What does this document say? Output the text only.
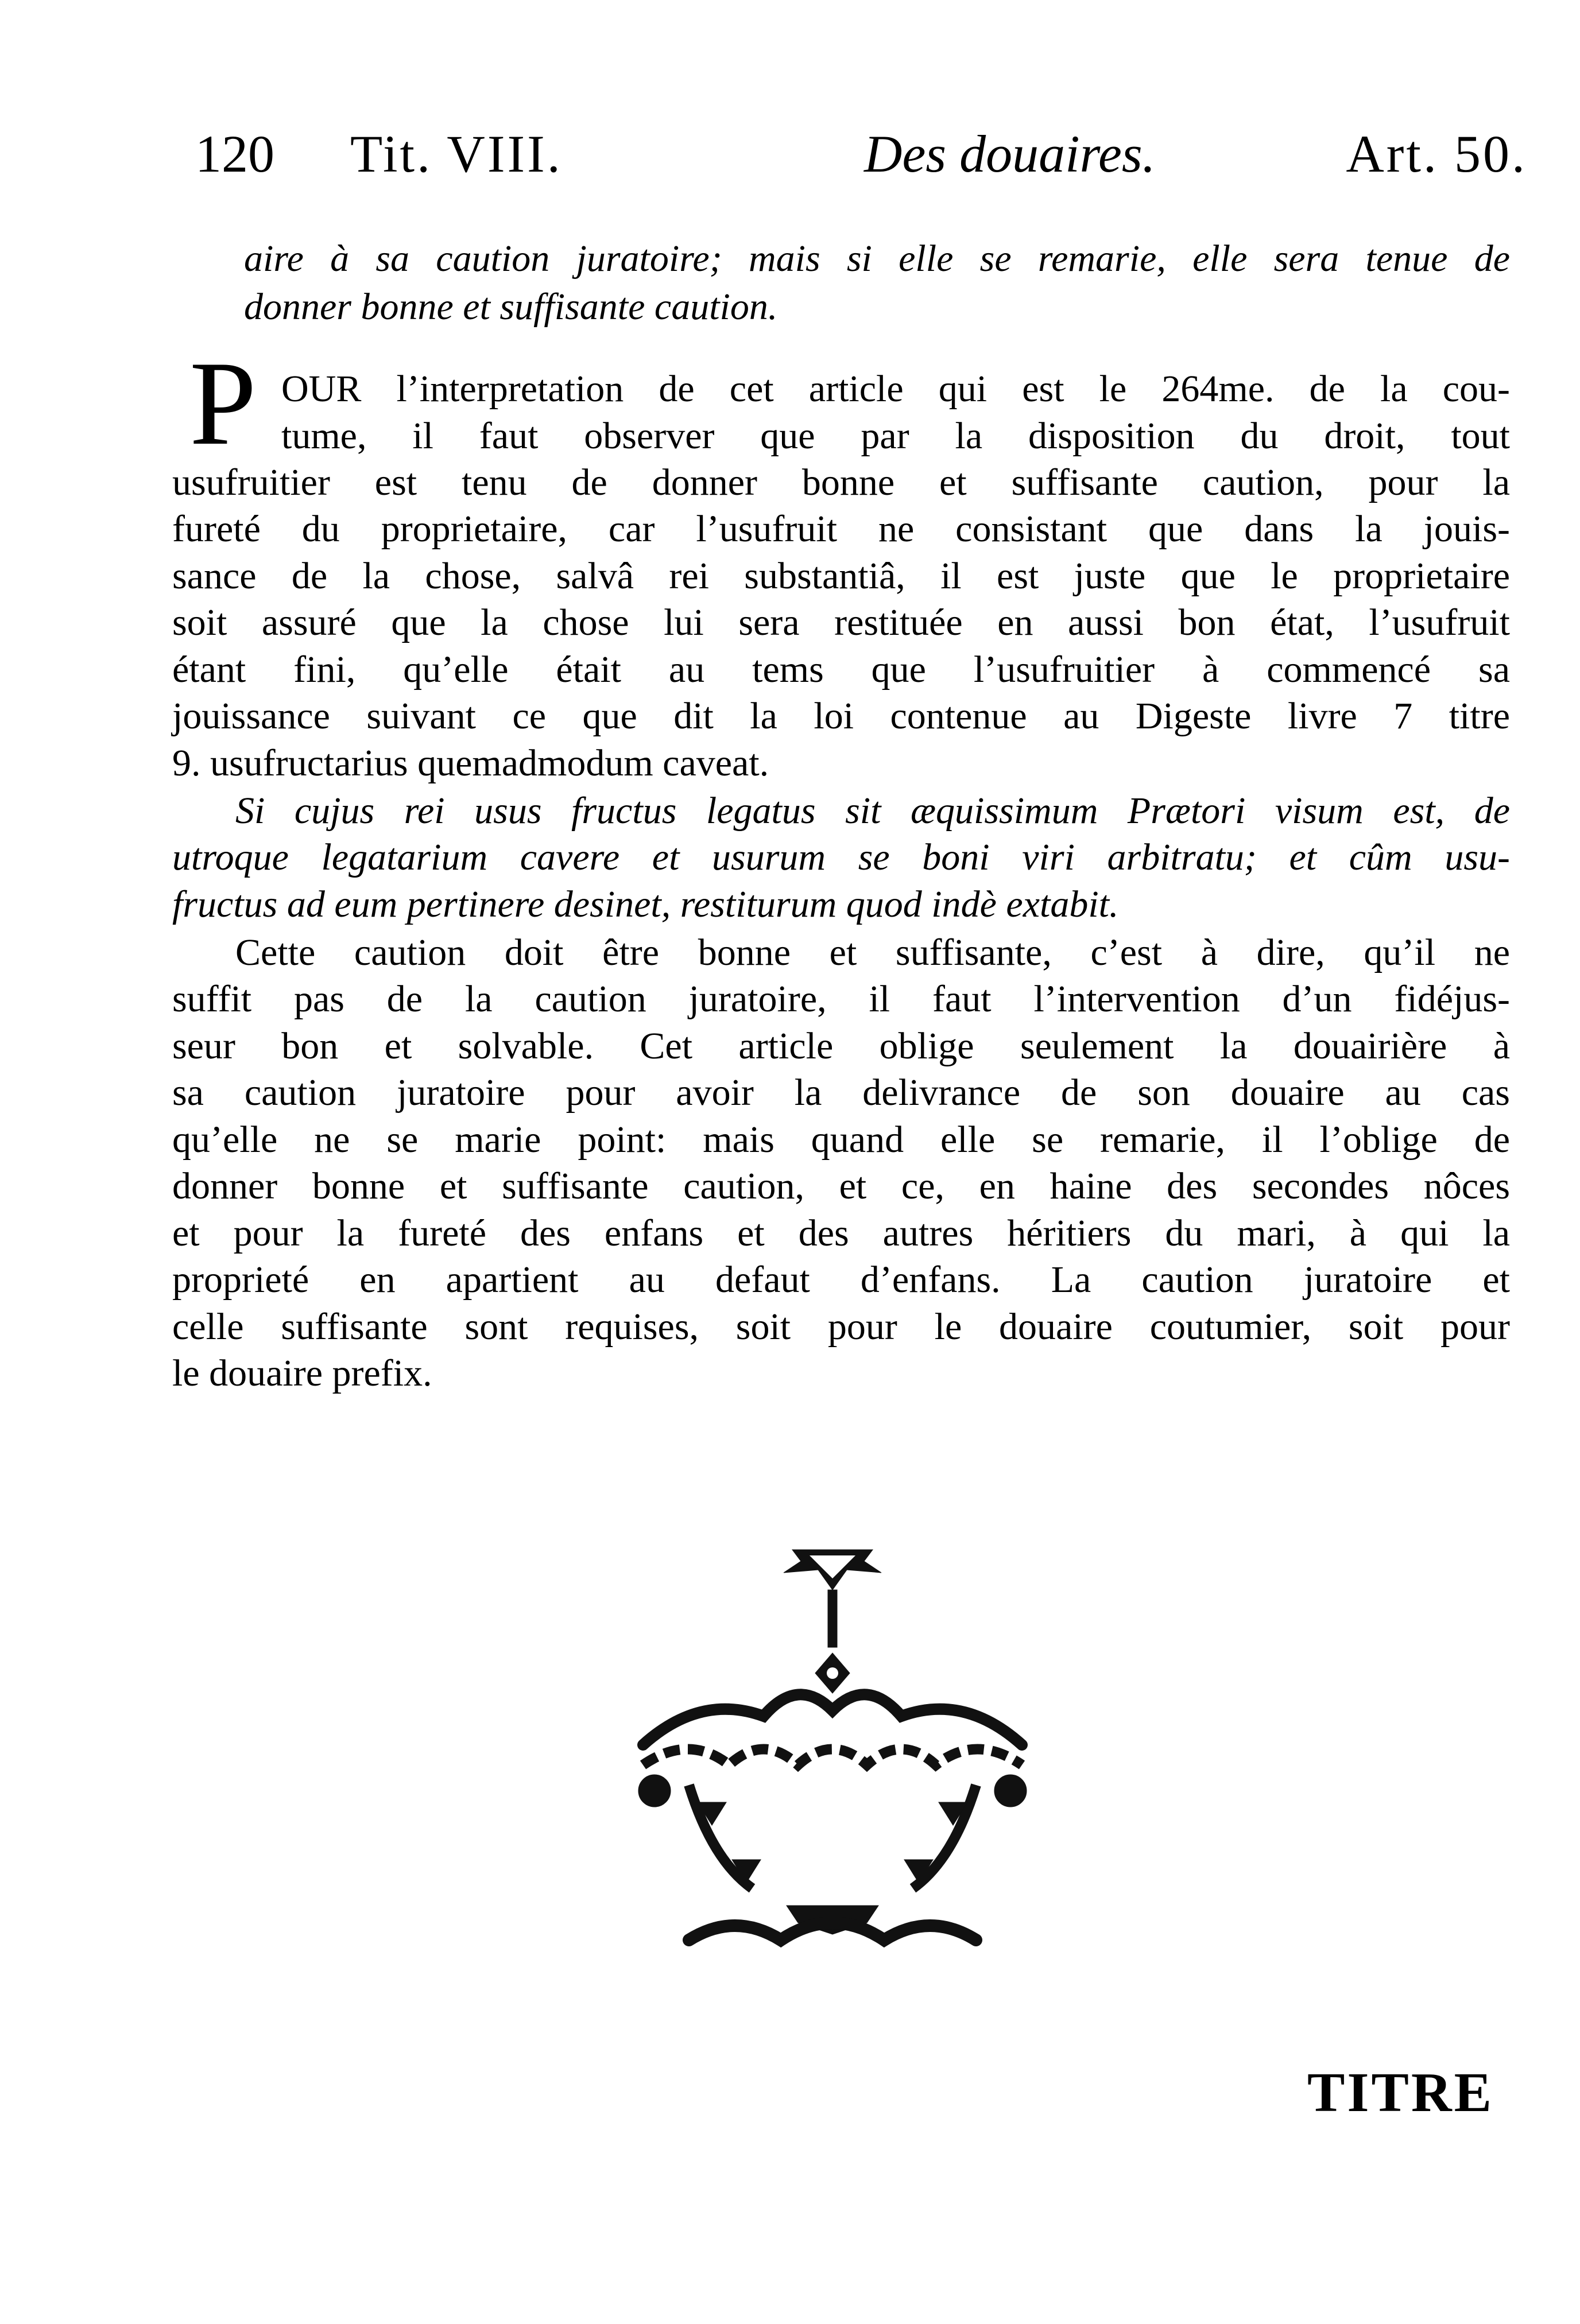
120 Tit. VIII.	Des douaires.	Art. 50.
aire à sa caution juratoire; mais si elle se remarie, elle sera tenue de
donner bonne et suffisante caution.
P OUR l’interpretation de cet article qui est le 264me. de la cou-
tume, il faut observer que par la disposition du droit, tout
usufruitier est tenu de donner bonne et suffisante caution, pour la
fureté du proprietaire, car l’usufruit ne consistant que dans la jouis-
sance de la chose, salvâ rei substantiâ, il est juste que le proprietaire
soit assuré que la chose lui sera restituée en aussi bon état, l’usufruit
étant fini, qu’elle était au tems que l’usufruitier à commencé sa
jouissance suivant ce que dit la loi contenue au Digeste livre 7 titre
9. usufructarius quemadmodum caveat.
Si cujus rei usus fructus legatus sit æquissimum Prætori visum est, de
utroque legatarium cavere et usurum se boni viri arbitratu; et cûm usu-
fructus ad eum pertinere desinet, restiturum quod indè extabit.
Cette caution doit être bonne et suffisante, c’est à dire, qu’il ne
suffit pas de la caution juratoire, il faut l’intervention d’un fidéjus-
seur bon et solvable. Cet article oblige seulement la douairière à
sa caution juratoire pour avoir la delivrance de son douaire au cas
qu’elle ne se marie point: mais quand elle se remarie, il l’oblige de
donner bonne et suffisante caution, et ce, en haine des secondes nôces
et pour la fureté des enfans et des autres héritiers du mari, à qui la
proprieté en apartient au defaut d’enfans. La caution juratoire et
celle suffisante sont requises, soit pour le douaire coutumier, soit pour
le douaire prefix.
TITRE
